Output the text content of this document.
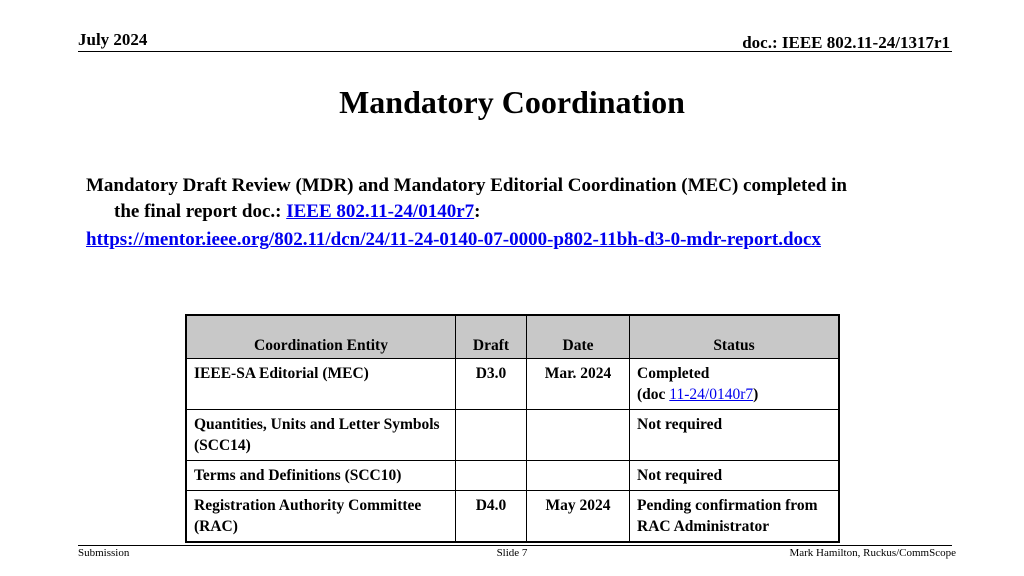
July 2024	doc.: IEEE 802.11-24/1317r1
Mandatory Coordination
Mandatory Draft Review (MDR) and Mandatory Editorial Coordination (MEC) completed in
the final report doc.: IEEE 802.11-24/0140r7:
https://mentor.ieee.org/802.11/dcn/24/11-24-0140-07-0000-p802-11bh-d3-0-mdr-report.docx
Coordination Entity	Draft	Date	Status
IEEE-SA Editorial (MEC)	D3.0	Mar. 2024	Completed
(doc 11-24/0140r7)

Quantities, Units and Letter Symbols (SCC14)			Not required
Terms and Definitions (SCC10)			Not required
Registration Authority Committee (RAC)	D4.0	May 2024	Pending confirmation from RAC Administrator
Submission	Slide 7	Mark Hamilton, Ruckus/CommScope
